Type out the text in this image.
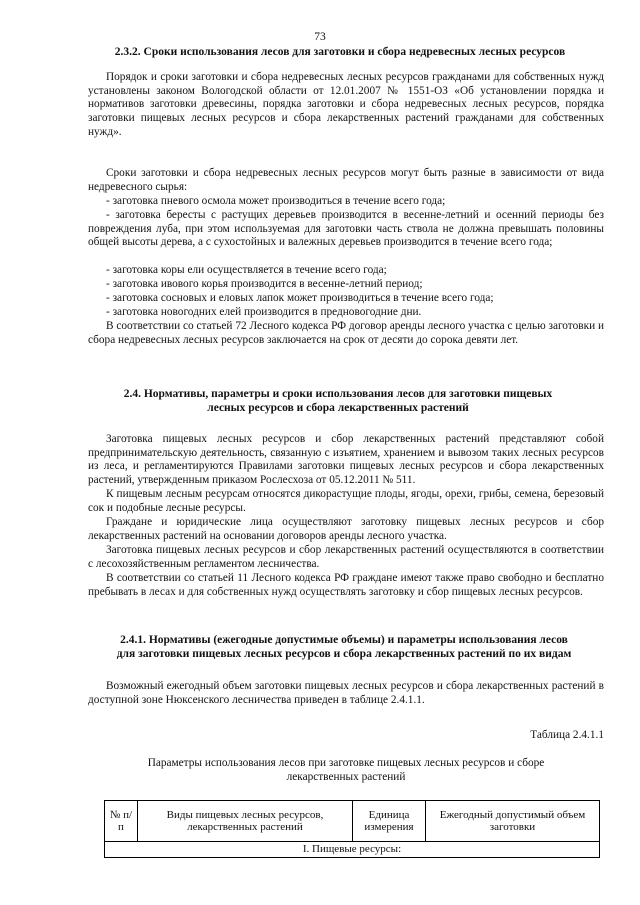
73
2.3.2. Сроки использования лесов для заготовки и сбора недревесных лесных ресурсов

Порядок и сроки заготовки и сбора недревесных лесных ресурсов гражданами для собственных нужд установлены законом Вологодской области от 12.01.2007 № 1551-ОЗ «Об установлении порядка и нормативов заготовки древесины, порядка заготовки и сбора недревесных лесных ресурсов, порядка заготовки пищевых лесных ресурсов и сбора лекарственных растений гражданами для собственных нужд».

Сроки заготовки и сбора недревесных лесных ресурсов могут быть разные в зависимости от вида недревесного сырья:

- заготовка пневого осмола может производиться в течение всего года;

- заготовка бересты с растущих деревьев производится в весенне-летний и осенний периоды без повреждения луба, при этом используемая для заготовки часть ствола не должна превышать половины общей высоты дерева, а с сухостойных и валежных деревьев производится в течение всего года;

- заготовка коры ели осуществляется в течение всего года;

- заготовка ивового корья производится в весенне-летний период;

- заготовка сосновых и еловых лапок может производиться в течение всего года;

- заготовка новогодних елей производится в предновогодние дни.

В соответствии со статьей 72 Лесного кодекса РФ договор аренды лесного участка с целью заготовки и сбора недревесных лесных ресурсов заключается на срок от десяти до сорока девяти лет.

2.4. Нормативы, параметры и сроки использования лесов для заготовки пищевых
лесных ресурсов и сбора лекарственных растений

Заготовка пищевых лесных ресурсов и сбор лекарственных растений представляют собой предпринимательскую деятельность, связанную с изъятием, хранением и вывозом таких лесных ресурсов из леса, и регламентируются Правилами заготовки пищевых лесных ресурсов и сбора лекарственных растений, утвержденным приказом Рослесхоза от 05.12.2011 № 511.

К пищевым лесным ресурсам относятся дикорастущие плоды, ягоды, орехи, грибы, семена, березовый сок и подобные лесные ресурсы.

Граждане и юридические лица осуществляют заготовку пищевых лесных ресурсов и сбор лекарственных растений на основании договоров аренды лесного участка.

Заготовка пищевых лесных ресурсов и сбор лекарственных растений осуществляются в соответствии с лесохозяйственным регламентом лесничества.

В соответствии со статьей 11 Лесного кодекса РФ граждане имеют также право свободно и бесплатно пребывать в лесах и для собственных нужд осуществлять заготовку и сбор пищевых лесных ресурсов.

2.4.1. Нормативы (ежегодные допустимые объемы) и параметры использования лесов
для заготовки пищевых лесных ресурсов и сбора лекарственных растений по их видам

Возможный ежегодный объем заготовки пищевых лесных ресурсов и сбора лекарственных растений в доступной зоне Нюксенского лесничества приведен в таблице 2.4.1.1.

Таблица 2.4.1.1
Параметры использования лесов при заготовке пищевых лесных ресурсов и сборе
лекарственных растений
№ п/п	Виды пищевых лесных ресурсов, лекарственных растений	Единица измерения	Ежегодный допустимый объем заготовки
I. Пищевые ресурсы:
